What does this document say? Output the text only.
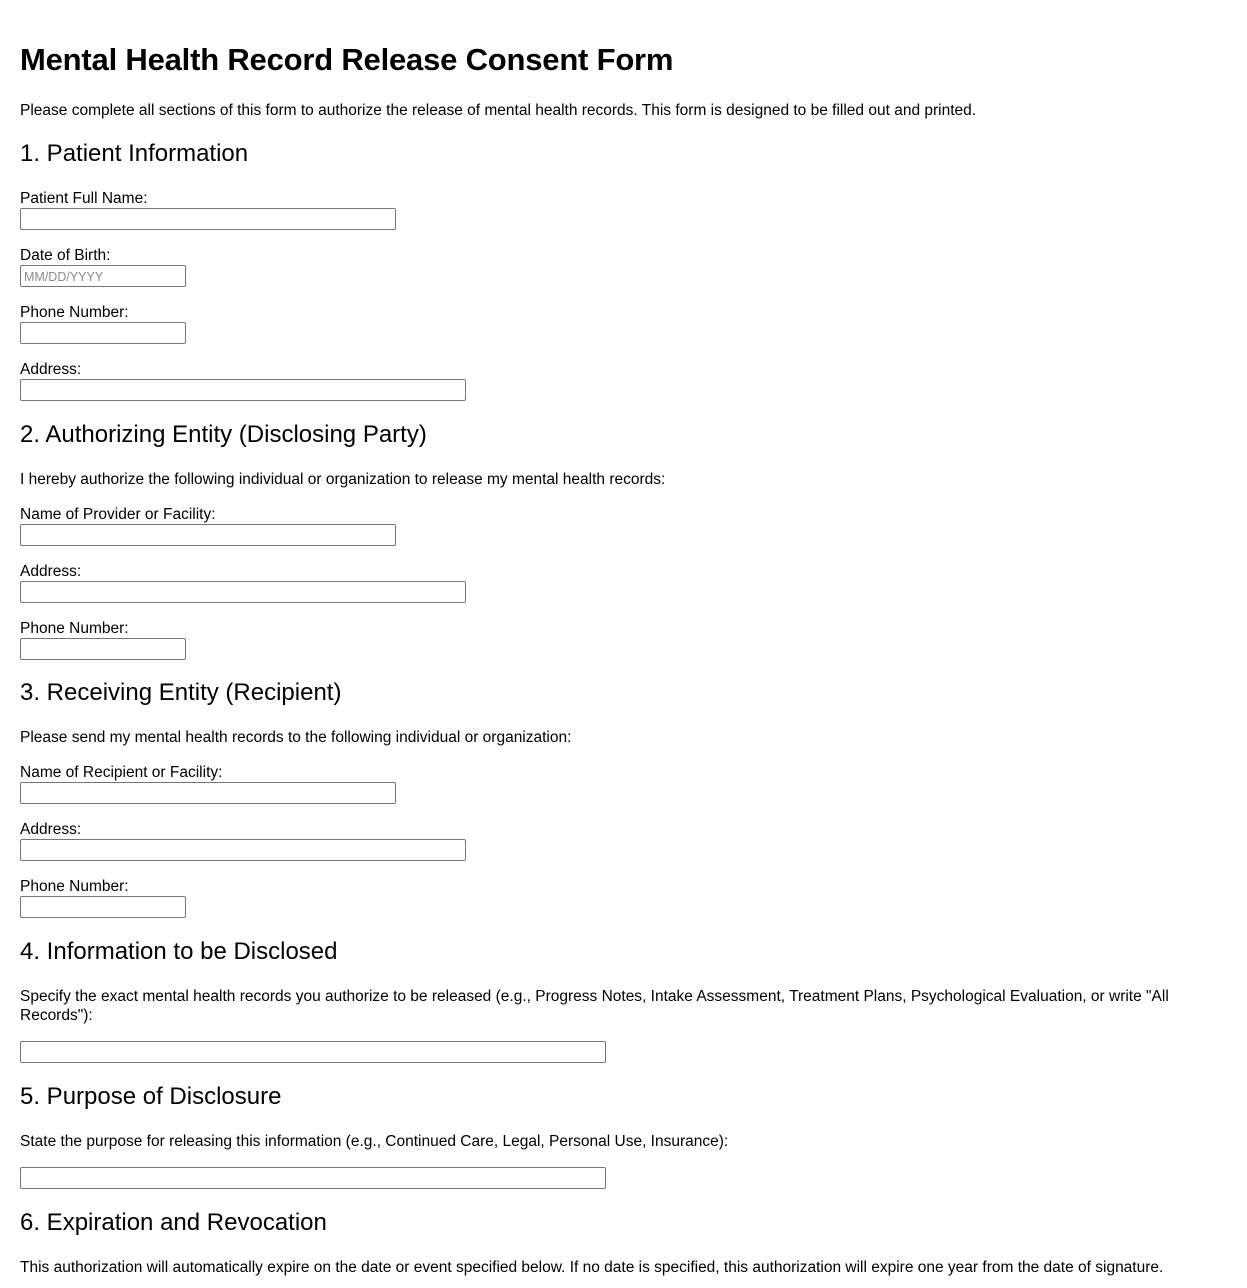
Mental Health Record Release Consent Form

Please complete all sections of this form to authorize the release of mental health records. This form is designed to be filled out and printed.

1. Patient Information
Patient Full Name:
Date of Birth:
MM/DD/YYYY
Phone Number:
Address:
2. Authorizing Entity (Disclosing Party)

I hereby authorize the following individual or organization to release my mental health records:

Name of Provider or Facility:
Address:
Phone Number:
3. Receiving Entity (Recipient)

Please send my mental health records to the following individual or organization:

Name of Recipient or Facility:
Address:
Phone Number:
4. Information to be Disclosed

Specify the exact mental health records you authorize to be released (e.g., Progress Notes, Intake Assessment, Treatment Plans, Psychological Evaluation, or write "All Records"):

5. Purpose of Disclosure

State the purpose for releasing this information (e.g., Continued Care, Legal, Personal Use, Insurance):

6. Expiration and Revocation

This authorization will automatically expire on the date or event specified below. If no date is specified, this authorization will expire one year from the date of signature.
